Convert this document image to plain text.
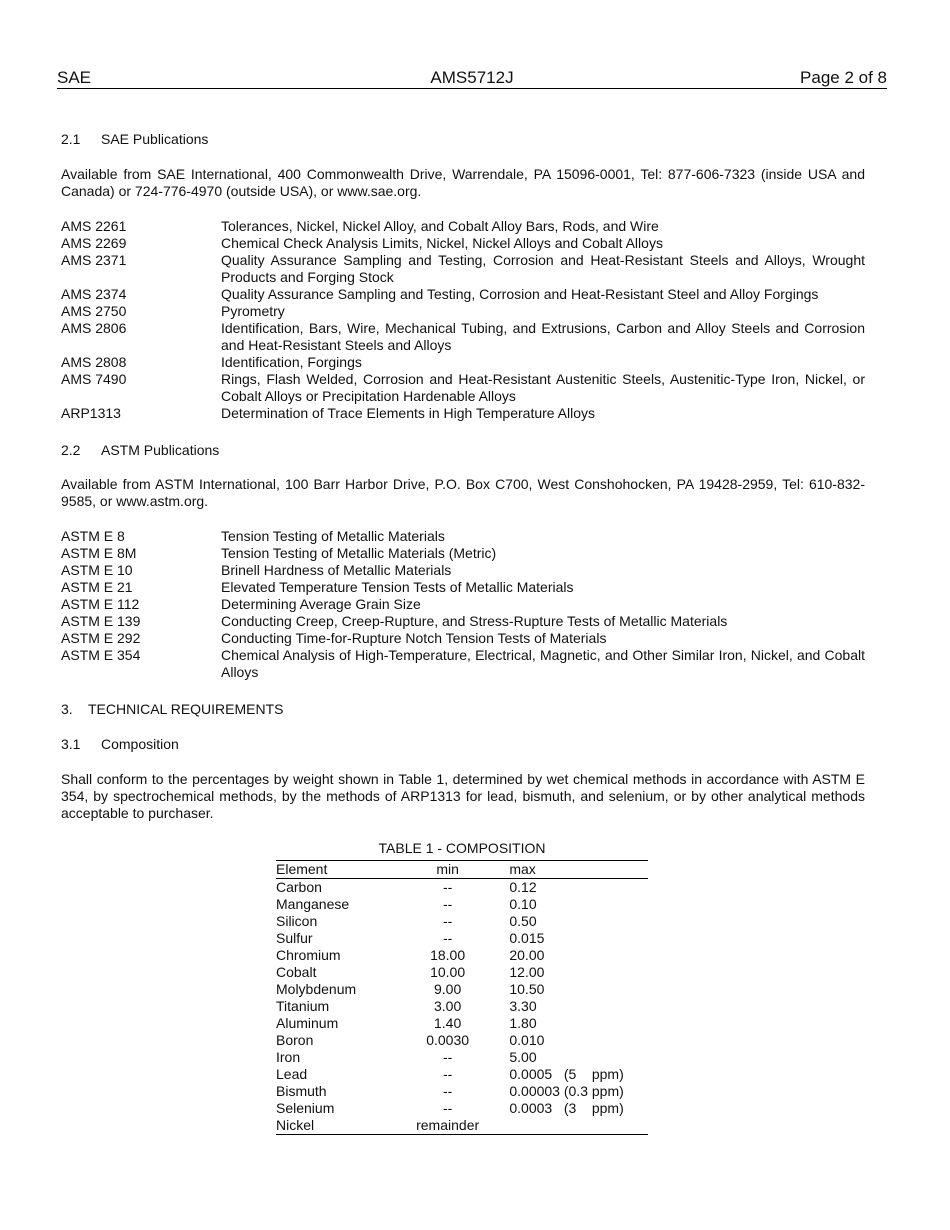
SAE	AMS5712J	Page 2 of 8
2.1 SAE Publications
Available from SAE International, 400 Commonwealth Drive, Warrendale, PA 15096-0001, Tel: 877-606-7323 (inside USA and Canada) or 724-776-4970 (outside USA), or www.sae.org.
AMS 2261	Tolerances, Nickel, Nickel Alloy, and Cobalt Alloy Bars, Rods, and Wire
AMS 2269	Chemical Check Analysis Limits, Nickel, Nickel Alloys and Cobalt Alloys
AMS 2371	Quality Assurance Sampling and Testing, Corrosion and Heat-Resistant Steels and Alloys, Wrought Products and Forging Stock
AMS 2374	Quality Assurance Sampling and Testing, Corrosion and Heat-Resistant Steel and Alloy Forgings
AMS 2750	Pyrometry
AMS 2806	Identification, Bars, Wire, Mechanical Tubing, and Extrusions, Carbon and Alloy Steels and Corrosion and Heat-Resistant Steels and Alloys
AMS 2808	Identification, Forgings
AMS 7490	Rings, Flash Welded, Corrosion and Heat-Resistant Austenitic Steels, Austenitic-Type Iron, Nickel, or Cobalt Alloys or Precipitation Hardenable Alloys
ARP1313	Determination of Trace Elements in High Temperature Alloys
2.2 ASTM Publications
Available from ASTM International, 100 Barr Harbor Drive, P.O. Box C700, West Conshohocken, PA 19428-2959, Tel: 610-832-9585, or www.astm.org.
ASTM E 8	Tension Testing of Metallic Materials
ASTM E 8M	Tension Testing of Metallic Materials (Metric)
ASTM E 10	Brinell Hardness of Metallic Materials
ASTM E 21	Elevated Temperature Tension Tests of Metallic Materials
ASTM E 112	Determining Average Grain Size
ASTM E 139	Conducting Creep, Creep-Rupture, and Stress-Rupture Tests of Metallic Materials
ASTM E 292	Conducting Time-for-Rupture Notch Tension Tests of Materials
ASTM E 354	Chemical Analysis of High-Temperature, Electrical, Magnetic, and Other Similar Iron, Nickel, and Cobalt Alloys
3. TECHNICAL REQUIREMENTS
3.1 Composition
Shall conform to the percentages by weight shown in Table 1, determined by wet chemical methods in accordance with ASTM E 354, by spectrochemical methods, by the methods of ARP1313 for lead, bismuth, and selenium, or by other analytical methods acceptable to purchaser.
TABLE 1 - COMPOSITION
Element	min	max
Carbon	--	0.12
Manganese	--	0.10
Silicon	--	0.50
Sulfur	--	0.015
Chromium	18.00	20.00
Cobalt	10.00	12.00
Molybdenum	9.00	10.50
Titanium	3.00	3.30
Aluminum	1.40	1.80
Boron	0.0030	0.010
Iron	--	5.00
Lead	--	0.0005   (5    ppm)
Bismuth	--	0.00003 (0.3 ppm)
Selenium	--	0.0003   (3    ppm)
Nickel	remainder	
